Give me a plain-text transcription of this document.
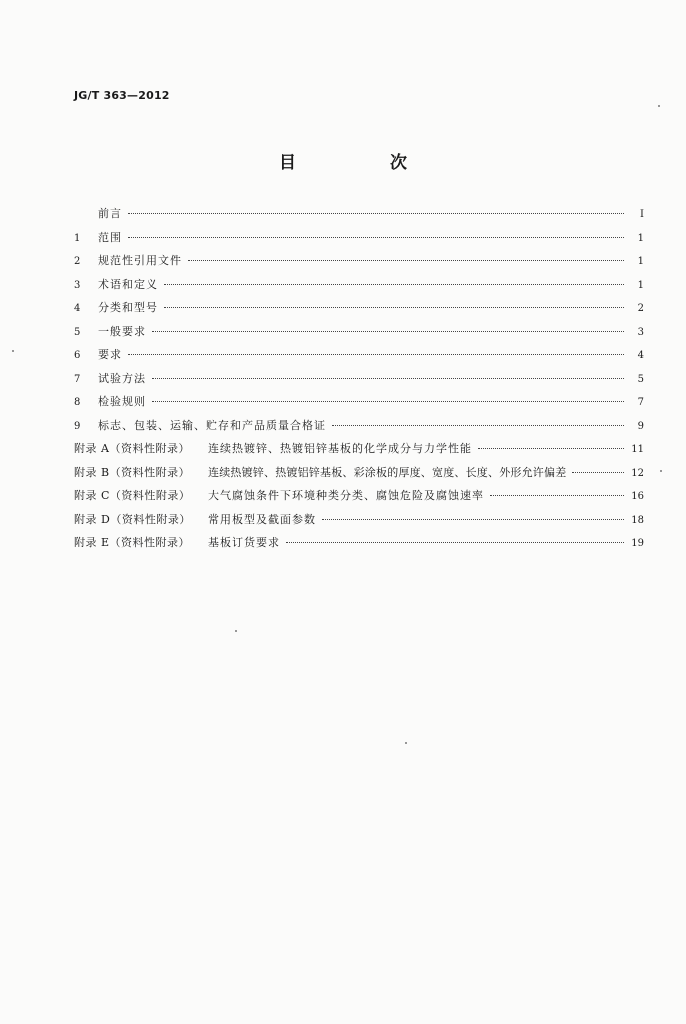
JG/T 363—2012
目 次
前言	Ⅰ
1	范围	1
2	规范性引用文件	1
3	术语和定义	1
4	分类和型号	2
5	一般要求	3
6	要求	4
7	试验方法	5
8	检验规则	7
9	标志、包装、运输、贮存和产品质量合格证	9
附录 A（资料性附录）	连续热镀锌、热镀铝锌基板的化学成分与力学性能	11
附录 B（资料性附录）	连续热镀锌、热镀铝锌基板、彩涂板的厚度、宽度、长度、外形允许偏差	12
附录 C（资料性附录）	大气腐蚀条件下环境种类分类、腐蚀危险及腐蚀速率	16
附录 D（资料性附录）	常用板型及截面参数	18
附录 E（资料性附录）	基板订货要求	19
